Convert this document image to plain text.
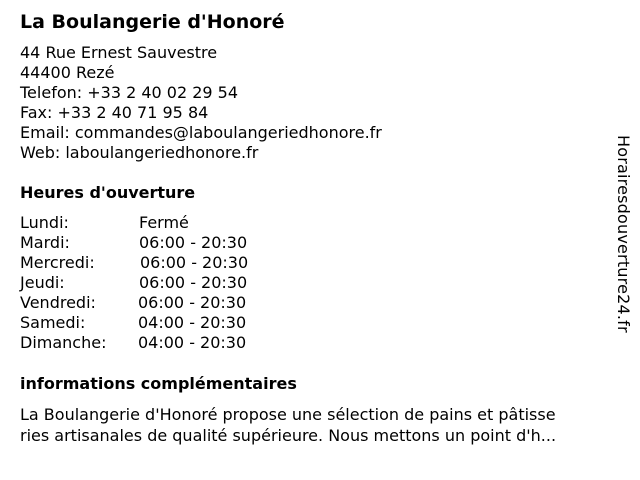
La Boulangerie d'Honoré
44 Rue Ernest Sauvestre
44400 Rezé
Telefon: +33 2 40 02 29 54
Fax: +33 2 40 71 95 84
Email: commandes@laboulangeriedhonore.fr
Web: laboulangeriedhonore.fr
Heures d'ouverture
Lundi:	Fermé
Mardi:	06:00 - 20:30
Mercredi:	06:00 - 20:30
Jeudi:	06:00 - 20:30
Vendredi:	06:00 - 20:30
Samedi:	04:00 - 20:30
Dimanche: 04:00 - 20:30
informations complémentaires
La Boulangerie d'Honoré propose une sélection de pains et pâtisse
ries artisanales de qualité supérieure. Nous mettons un point d'h...
Horairesdouverture24.fr
